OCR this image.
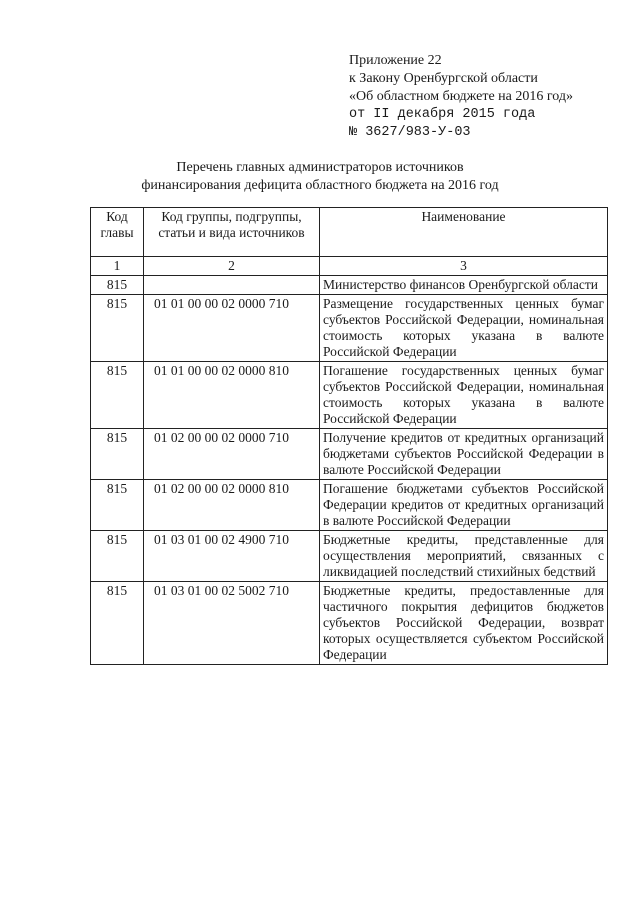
Приложение 22
к Закону Оренбургской области
«Об областном бюджете на 2016 год»
от II декабря 2015 года
№ 3627/983-У-03
Перечень главных администраторов источников
финансирования дефицита областного бюджета на 2016 год
Код главы	Код группы, подгруппы, статьи и вида источников	Наименование
1	2	3
815		Министерство финансов Оренбургской области
815	01 01 00 00 02 0000 710	Размещение государственных ценных бумаг субъектов Российской Федерации, номинальная стоимость которых указана в валюте Российской Федерации
815	01 01 00 00 02 0000 810	Погашение государственных ценных бумаг субъектов Российской Федерации, номинальная стоимость которых указана в валюте Российской Федерации
815	01 02 00 00 02 0000 710	Получение кредитов от кредитных организаций бюджетами субъектов Российской Федерации в валюте Российской Федерации
815	01 02 00 00 02 0000 810	Погашение бюджетами субъектов Российской Федерации кредитов от кредитных организаций в валюте Российской Федерации
815	01 03 01 00 02 4900 710	Бюджетные кредиты, представленные для осуществления мероприятий, связанных с ликвидацией последствий стихийных бедствий
815	01 03 01 00 02 5002 710	Бюджетные кредиты, предоставленные для частичного покрытия дефицитов бюджетов субъектов Российской Федерации, возврат которых осуществляется субъектом Российской Федерации
